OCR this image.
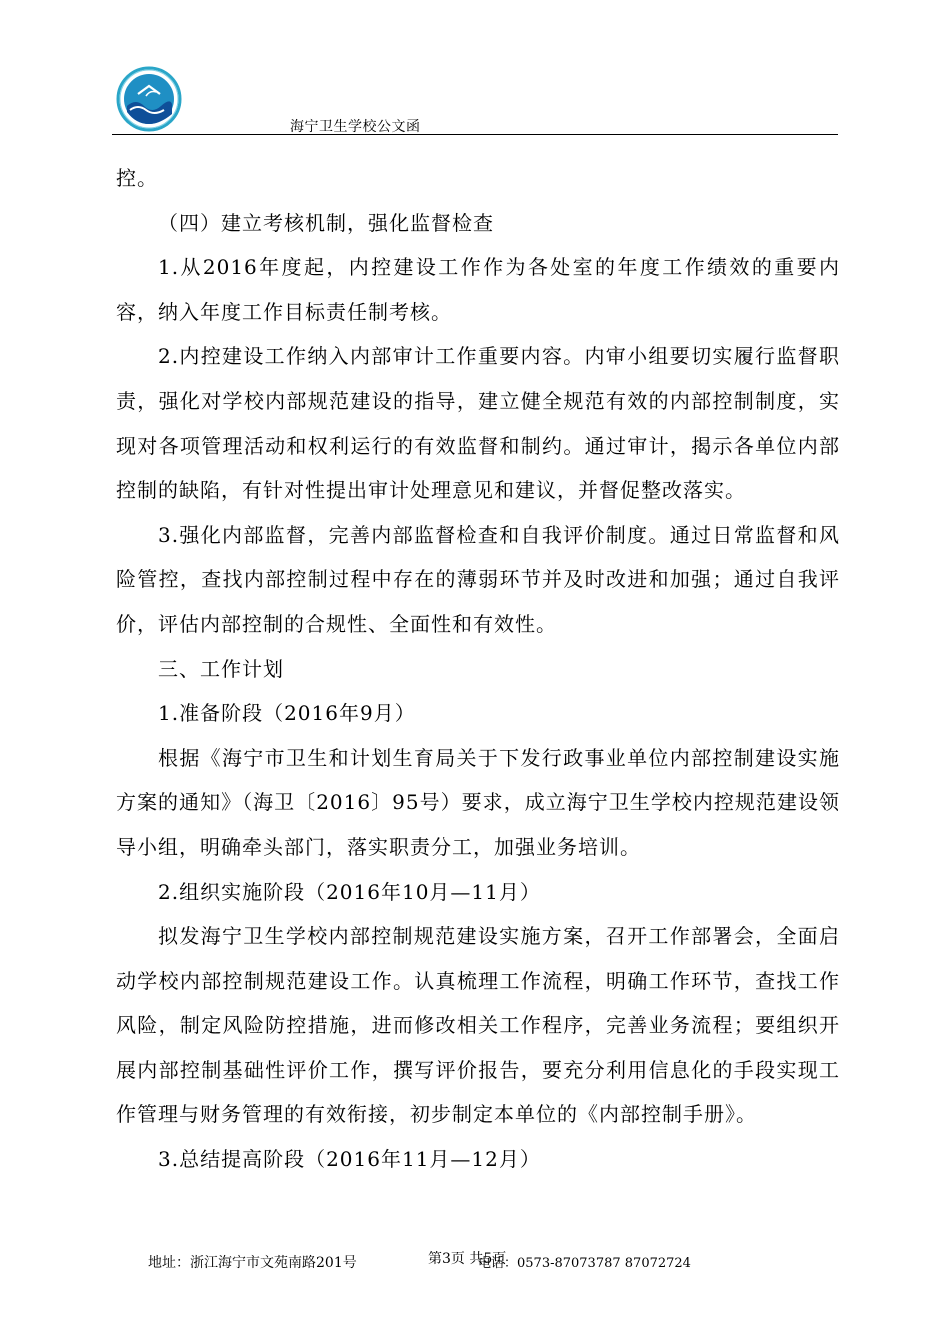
海宁卫生学校公文函

控。

（四）建立考核机制，强化监督检查

1.从2016年度起，内控建设工作作为各处室的年度工作绩效的重要内容，纳入年度工作目标责任制考核。

2.内控建设工作纳入内部审计工作重要内容。内审小组要切实履行监督职责，强化对学校内部规范建设的指导，建立健全规范有效的内部控制制度，实现对各项管理活动和权利运行的有效监督和制约。通过审计，揭示各单位内部控制的缺陷，有针对性提出审计处理意见和建议，并督促整改落实。

3.强化内部监督，完善内部监督检查和自我评价制度。通过日常监督和风险管控，查找内部控制过程中存在的薄弱环节并及时改进和加强；通过自我评价，评估内部控制的合规性、全面性和有效性。

三、工作计划

1.准备阶段（2016年9月）

根据《海宁市卫生和计划生育局关于下发行政事业单位内部控制建设实施方案的通知》（海卫〔2016〕95号）要求，成立海宁卫生学校内控规范建设领导小组，明确牵头部门，落实职责分工，加强业务培训。

2.组织实施阶段（2016年10月—11月）

拟发海宁卫生学校内部控制规范建设实施方案，召开工作部署会，全面启动学校内部控制规范建设工作。认真梳理工作流程，明确工作环节，查找工作风险，制定风险防控措施，进而修改相关工作程序，完善业务流程；要组织开展内部控制基础性评价工作，撰写评价报告，要充分利用信息化的手段实现工作管理与财务管理的有效衔接，初步制定本单位的《内部控制手册》。

3.总结提高阶段（2016年11月—12月）

地址：浙江海宁市文苑南路201号	第3页 共5页
电话：0573-87073787 87072724
